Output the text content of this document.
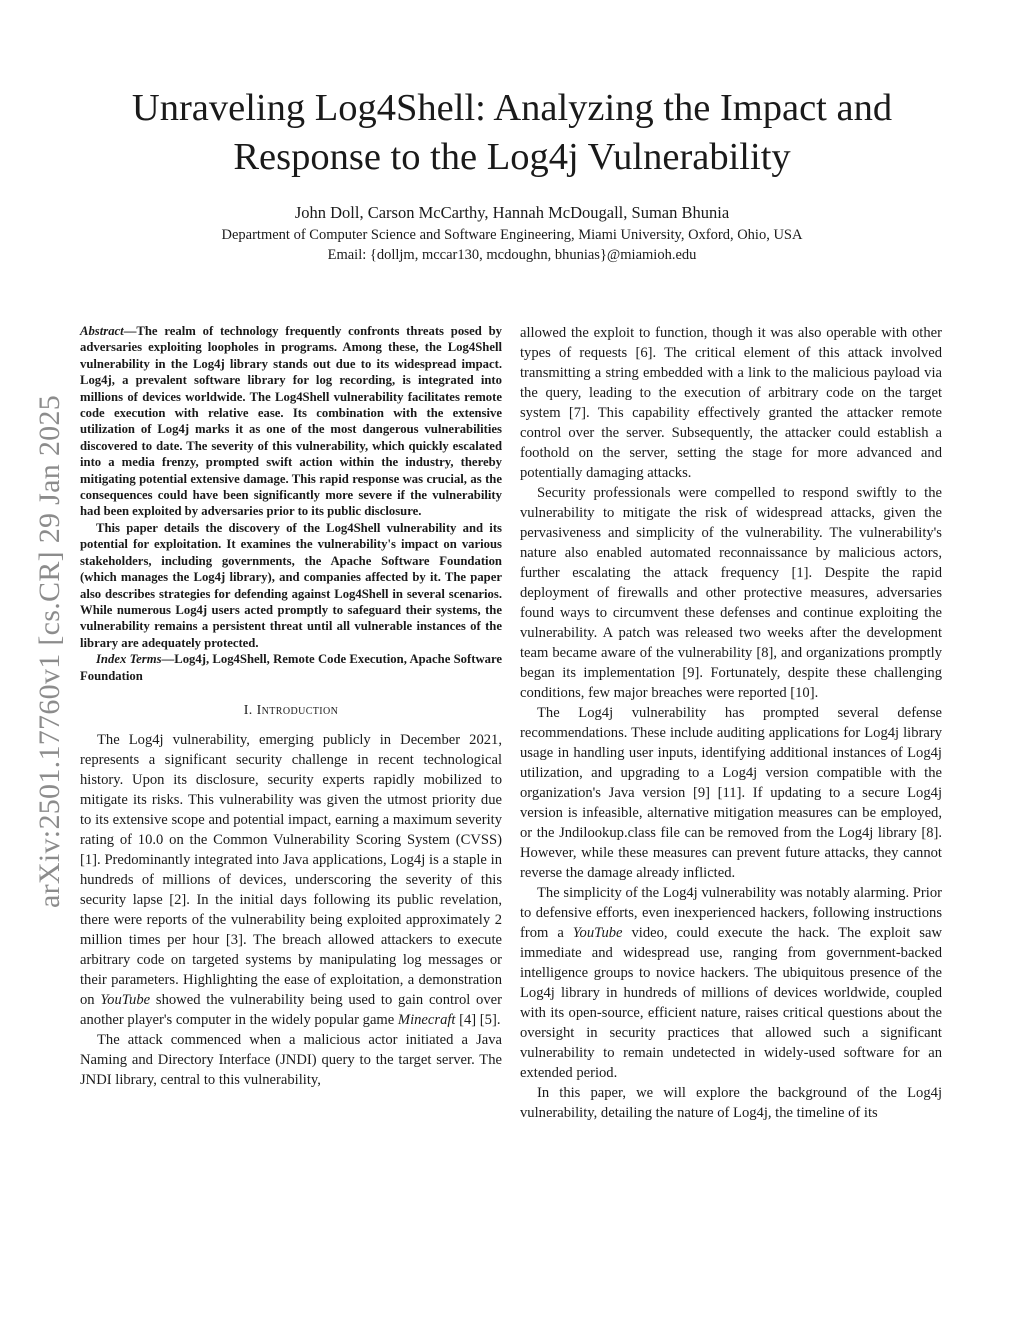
arXiv:2501.17760v1 [cs.CR] 29 Jan 2025
Unraveling Log4Shell: Analyzing the Impact and
Response to the Log4j Vulnerability
John Doll, Carson McCarthy, Hannah McDougall, Suman Bhunia
Department of Computer Science and Software Engineering, Miami University, Oxford, Ohio, USA
Email: {dolljm, mccar130, mcdoughn, bhunias}@miamioh.edu

Abstract—The realm of technology frequently confronts threats posed by adversaries exploiting loopholes in programs. Among these, the Log4Shell vulnerability in the Log4j library stands out due to its widespread impact. Log4j, a prevalent software library for log recording, is integrated into millions of devices worldwide. The Log4Shell vulnerability facilitates remote code execution with relative ease. Its combination with the extensive utilization of Log4j marks it as one of the most dangerous vulnerabilities discovered to date. The severity of this vulnerability, which quickly escalated into a media frenzy, prompted swift action within the industry, thereby mitigating potential extensive damage. This rapid response was crucial, as the consequences could have been significantly more severe if the vulnerability had been exploited by adversaries prior to its public disclosure.

This paper details the discovery of the Log4Shell vulnerability and its potential for exploitation. It examines the vulnerability's impact on various stakeholders, including governments, the Apache Software Foundation (which manages the Log4j library), and companies affected by it. The paper also describes strategies for defending against Log4Shell in several scenarios. While numerous Log4j users acted promptly to safeguard their systems, the vulnerability remains a persistent threat until all vulnerable instances of the library are adequately protected.

Index Terms—Log4j, Log4Shell, Remote Code Execution, Apache Software Foundation

I. Introduction

The Log4j vulnerability, emerging publicly in December 2021, represents a significant security challenge in recent technological history. Upon its disclosure, security experts rapidly mobilized to mitigate its risks. This vulnerability was given the utmost priority due to its extensive scope and potential impact, earning a maximum severity rating of 10.0 on the Common Vulnerability Scoring System (CVSS) [1]. Predominantly integrated into Java applications, Log4j is a staple in hundreds of millions of devices, underscoring the severity of this security lapse [2]. In the initial days following its public revelation, there were reports of the vulnerability being exploited approximately 2 million times per hour [3]. The breach allowed attackers to execute arbitrary code on targeted systems by manipulating log messages or their parameters. Highlighting the ease of exploitation, a demonstration on YouTube showed the vulnerability being used to gain control over another player's computer in the widely popular game Minecraft [4] [5].

The attack commenced when a malicious actor initiated a Java Naming and Directory Interface (JNDI) query to the target server. The JNDI library, central to this vulnerability,

allowed the exploit to function, though it was also operable with other types of requests [6]. The critical element of this attack involved transmitting a string embedded with a link to the malicious payload via the query, leading to the execution of arbitrary code on the target system [7]. This capability effectively granted the attacker remote control over the server. Subsequently, the attacker could establish a foothold on the server, setting the stage for more advanced and potentially damaging attacks.

Security professionals were compelled to respond swiftly to the vulnerability to mitigate the risk of widespread attacks, given the pervasiveness and simplicity of the vulnerability. The vulnerability's nature also enabled automated reconnaissance by malicious actors, further escalating the attack frequency [1]. Despite the rapid deployment of firewalls and other protective measures, adversaries found ways to circumvent these defenses and continue exploiting the vulnerability. A patch was released two weeks after the development team became aware of the vulnerability [8], and organizations promptly began its implementation [9]. Fortunately, despite these challenging conditions, few major breaches were reported [10].

The Log4j vulnerability has prompted several defense recommendations. These include auditing applications for Log4j library usage in handling user inputs, identifying additional instances of Log4j utilization, and upgrading to a Log4j version compatible with the organization's Java version [9] [11]. If updating to a secure Log4j version is infeasible, alternative mitigation measures can be employed, or the Jndilookup.class file can be removed from the Log4j library [8]. However, while these measures can prevent future attacks, they cannot reverse the damage already inflicted.

The simplicity of the Log4j vulnerability was notably alarming. Prior to defensive efforts, even inexperienced hackers, following instructions from a YouTube video, could execute the hack. The exploit saw immediate and widespread use, ranging from government-backed intelligence groups to novice hackers. The ubiquitous presence of the Log4j library in hundreds of millions of devices worldwide, coupled with its open-source, efficient nature, raises critical questions about the oversight in security practices that allowed such a significant vulnerability to remain undetected in widely-used software for an extended period.

In this paper, we will explore the background of the Log4j vulnerability, detailing the nature of Log4j, the timeline of its
